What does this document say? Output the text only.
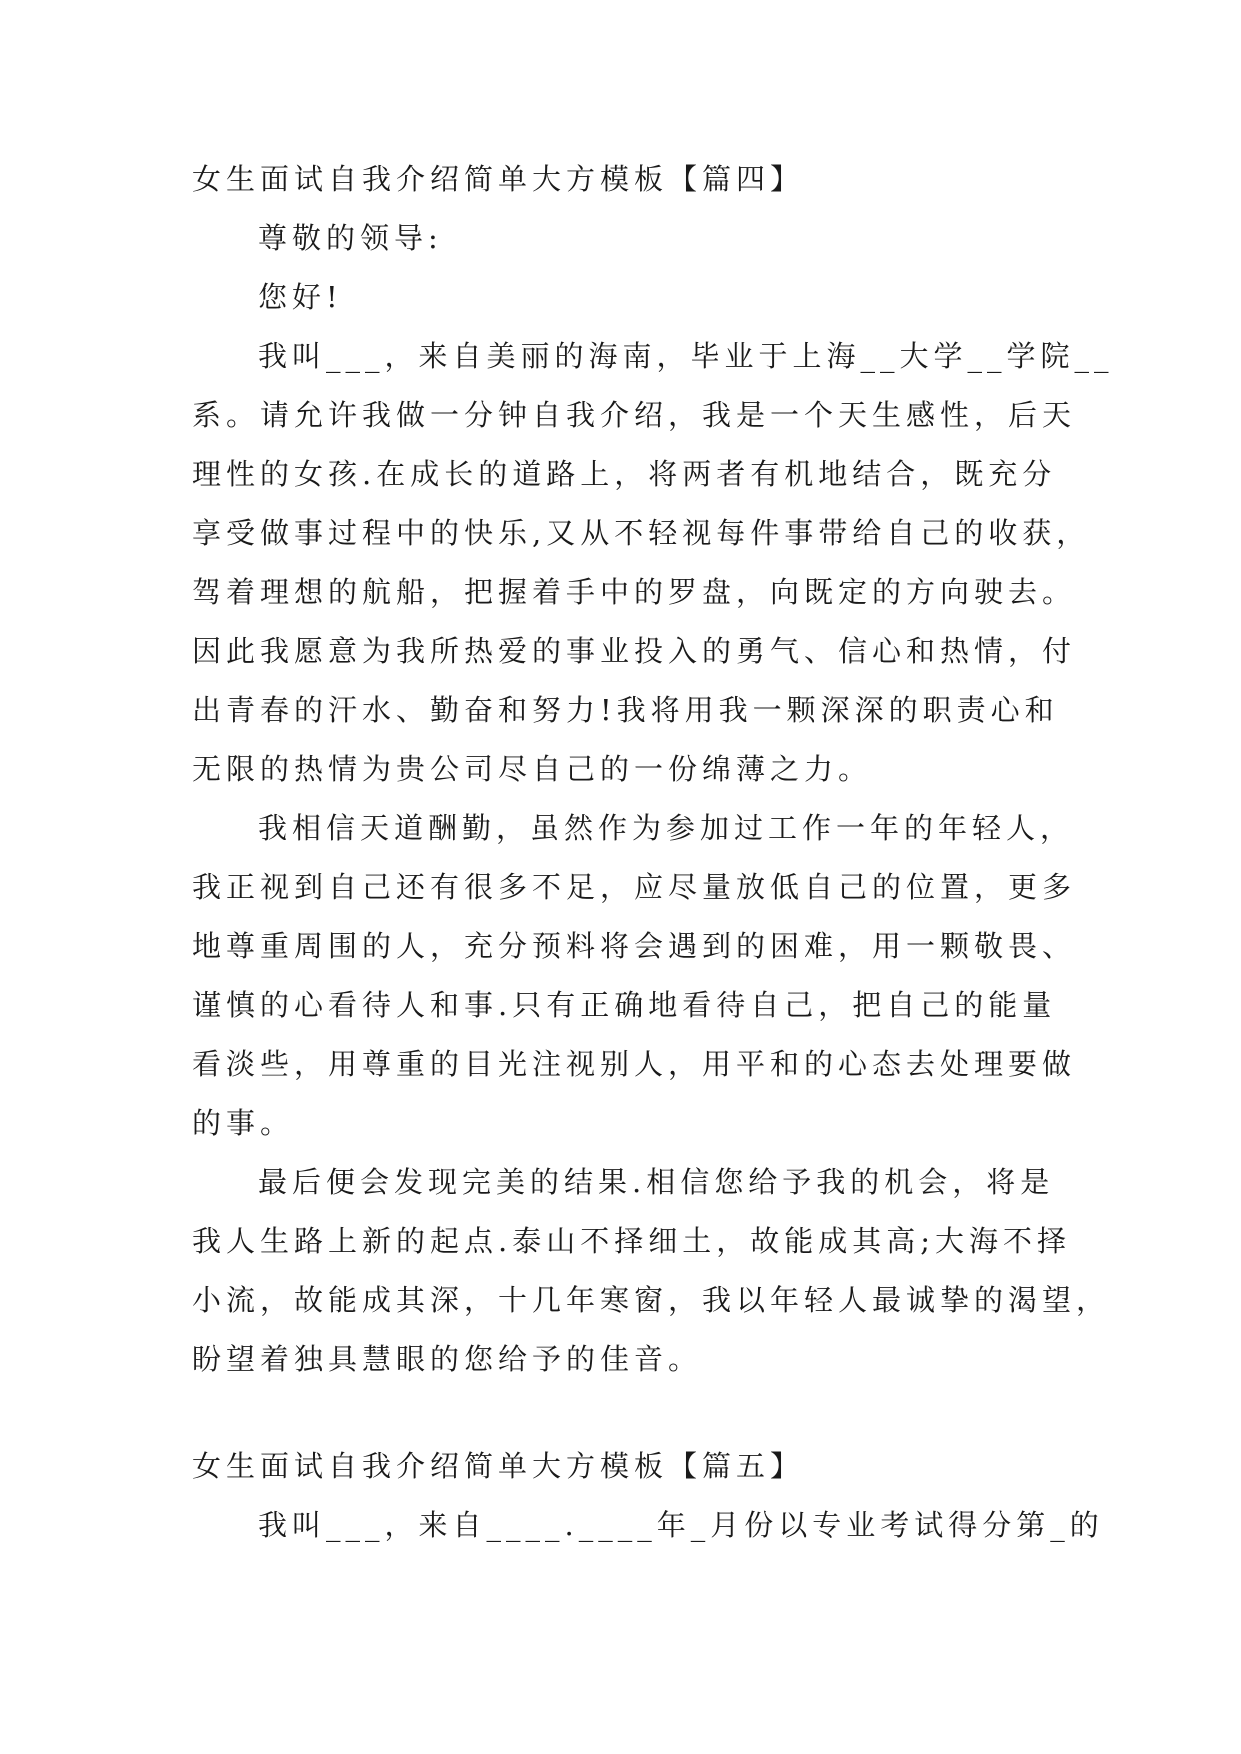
女生面试自我介绍简单大方模板【篇四】
尊敬的领导:
您好!
我叫___，来自美丽的海南，毕业于上海__大学__学院__
系。请允许我做一分钟自我介绍，我是一个天生感性，后天
理性的女孩.在成长的道路上，将两者有机地结合，既充分
享受做事过程中的快乐,又从不轻视每件事带给自己的收获，
驾着理想的航船，把握着手中的罗盘，向既定的方向驶去。
因此我愿意为我所热爱的事业投入的勇气、信心和热情，付
出青春的汗水、勤奋和努力!我将用我一颗深深的职责心和
无限的热情为贵公司尽自己的一份绵薄之力。
我相信天道酬勤，虽然作为参加过工作一年的年轻人，
我正视到自己还有很多不足，应尽量放低自己的位置，更多
地尊重周围的人，充分预料将会遇到的困难，用一颗敬畏、
谨慎的心看待人和事.只有正确地看待自己，把自己的能量
看淡些，用尊重的目光注视别人，用平和的心态去处理要做
的事。
最后便会发现完美的结果.相信您给予我的机会，将是
我人生路上新的起点.泰山不择细土，故能成其高;大海不择
小流，故能成其深，十几年寒窗，我以年轻人最诚挚的渴望，
盼望着独具慧眼的您给予的佳音。
女生面试自我介绍简单大方模板【篇五】
我叫___，来自____.____年_月份以专业考试得分第_的
